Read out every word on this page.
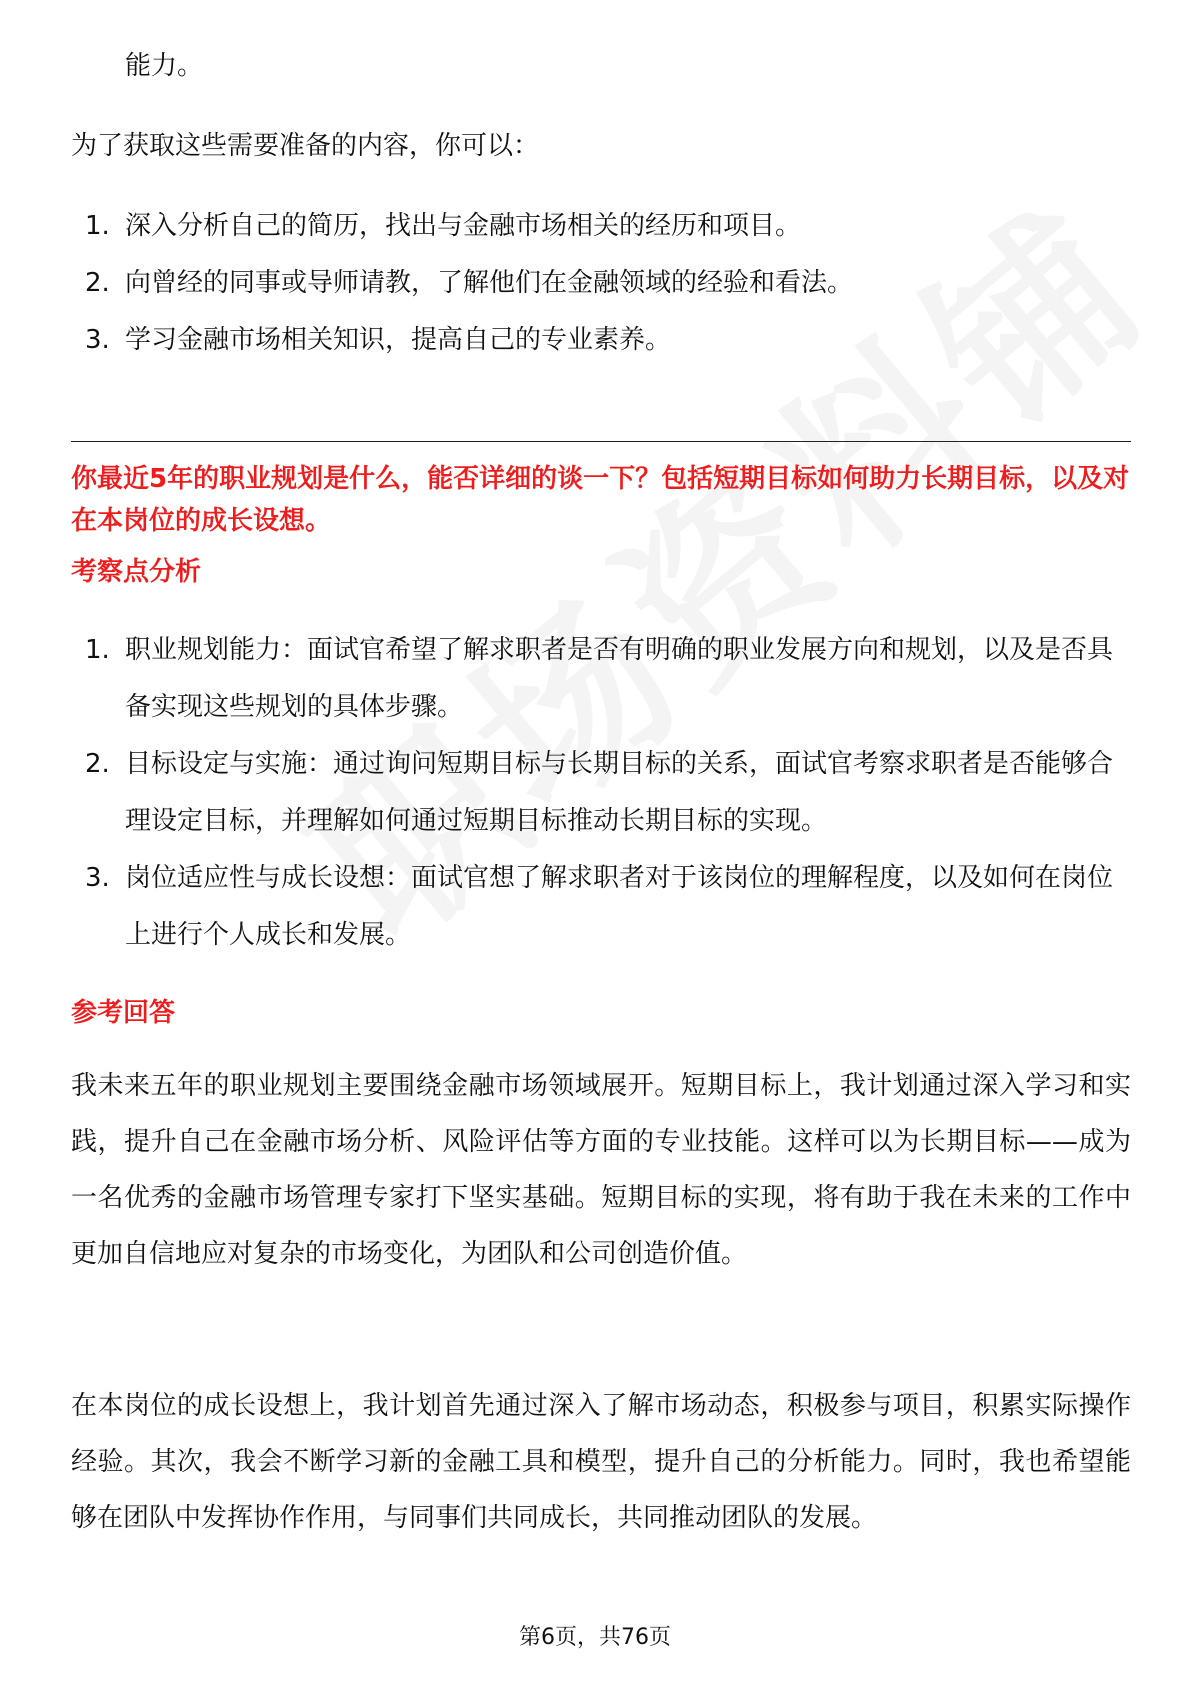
能力。

为了获取这些需要准备的内容，你可以：

1. 深入分析自己的简历，找出与金融市场相关的经历和项目。
2. 向曾经的同事或导师请教，了解他们在金融领域的经验和看法。
3. 学习金融市场相关知识，提高自己的专业素养。
你最近5年的职业规划是什么，能否详细的谈一下？包括短期目标如何助力长期目标，以及对在本岗位的成长设想。
考察点分析
1. 职业规划能力：面试官希望了解求职者是否有明确的职业发展方向和规划，以及是否具备实现这些规划的具体步骤。
2. 目标设定与实施：通过询问短期目标与长期目标的关系，面试官考察求职者是否能够合理设定目标，并理解如何通过短期目标推动长期目标的实现。
3. 岗位适应性与成长设想：面试官想了解求职者对于该岗位的理解程度，以及如何在岗位上进行个人成长和发展。
参考回答
我未来五年的职业规划主要围绕金融市场领域展开。短期目标上，我计划通过深入学习和实践，提升自己在金融市场分析、风险评估等方面的专业技能。这样可以为长期目标——成为一名优秀的金融市场管理专家打下坚实基础。短期目标的实现，将有助于我在未来的工作中更加自信地应对复杂的市场变化，为团队和公司创造价值。
在本岗位的成长设想上，我计划首先通过深入了解市场动态，积极参与项目，积累实际操作经验。其次，我会不断学习新的金融工具和模型，提升自己的分析能力。同时，我也希望能够在团队中发挥协作作用，与同事们共同成长，共同推动团队的发展。
第6页，共76页
